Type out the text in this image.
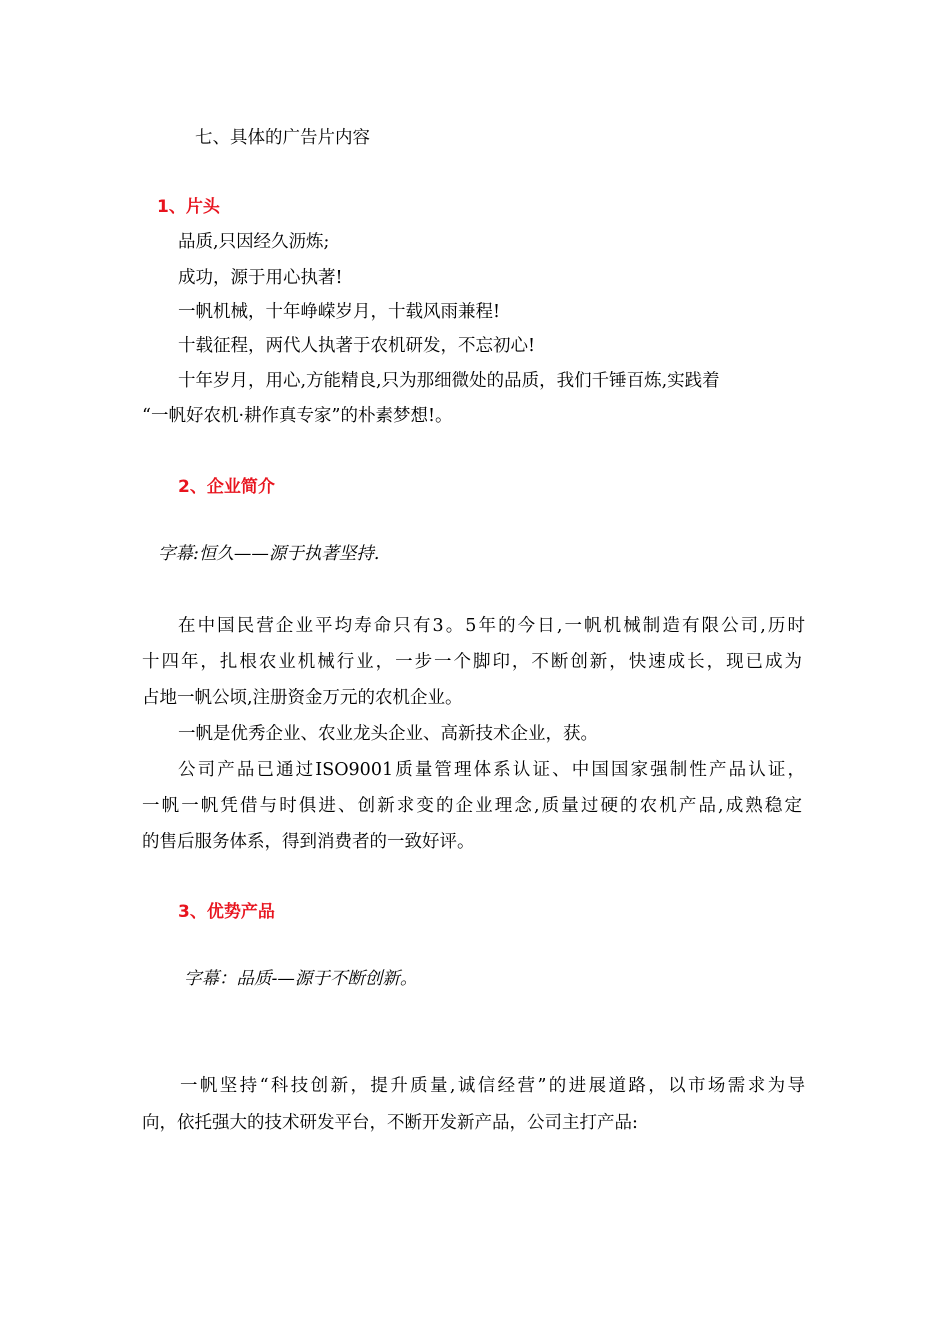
七、具体的广告片内容
1、片头
品质,只因经久沥炼;
成功，源于用心执著!
一帆机械，十年峥嵘岁月，十载风雨兼程!
十载征程，两代人执著于农机研发，不忘初心!
十年岁月，用心,方能精良,只为那细微处的品质，我们千锤百炼,实践着
“一帆好农机·耕作真专家”的朴素梦想!。
2、企业简介
字幕:恒久——源于执著坚持.
在中国民营企业平均寿命只有3。5年的今日,一帆机械制造有限公司,历时
十四年，扎根农业机械行业，一步一个脚印，不断创新，快速成长，现已成为
占地一帆公顷,注册资金万元的农机企业。
一帆是优秀企业、农业龙头企业、高新技术企业，获。
公司产品已通过ISO9001质量管理体系认证、中国国家强制性产品认证，
一帆一帆凭借与时俱进、创新求变的企业理念,质量过硬的农机产品,成熟稳定
的售后服务体系，得到消费者的一致好评。
3、优势产品
字幕：品质-—源于不断创新。
一帆坚持“科技创新，提升质量,诚信经营”的进展道路，以市场需求为导
向，依托强大的技术研发平台，不断开发新产品，公司主打产品:
